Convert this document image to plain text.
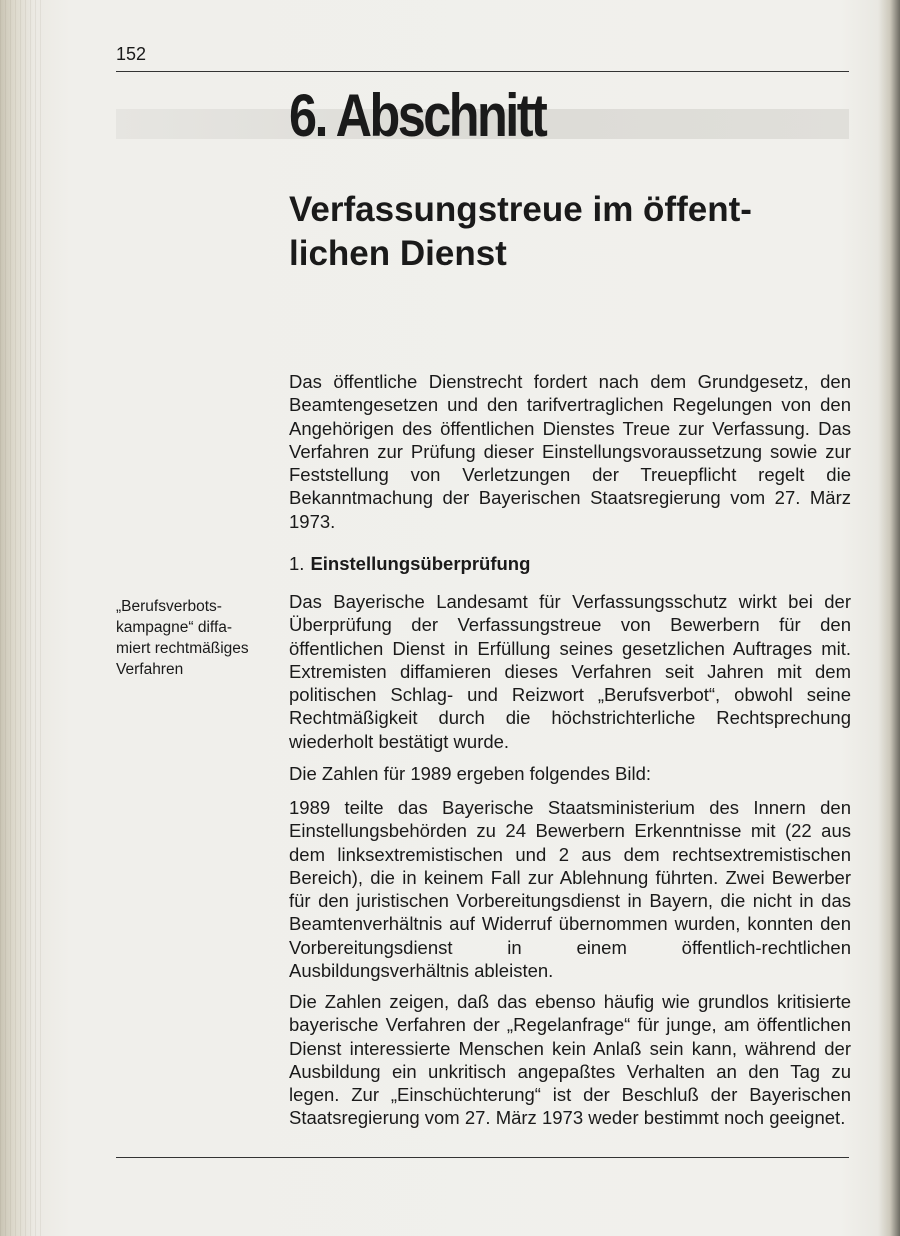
152
6. Abschnitt
Verfassungstreue im öffent-lichen Dienst

Das öffentliche Dienstrecht fordert nach dem Grundgesetz, den Beamtengesetzen und den tarifvertraglichen Regelungen von den Angehörigen des öffentlichen Dienstes Treue zur Verfassung. Das Verfahren zur Prüfung dieser Einstellungsvoraussetzung sowie zur Feststellung von Verletzungen der Treuepflicht regelt die Bekanntmachung der Bayerischen Staatsregierung vom 27. März 1973.

1. Einstellungsüberprüfung

„Berufsverbots-kampagne“ diffa-miert rechtmäßiges Verfahren

Das Bayerische Landesamt für Verfassungsschutz wirkt bei der Überprüfung der Verfassungstreue von Bewerbern für den öffentlichen Dienst in Erfüllung seines gesetzlichen Auftrages mit. Extremisten diffamieren dieses Verfahren seit Jahren mit dem politischen Schlag- und Reizwort „Berufsverbot“, obwohl seine Rechtmäßigkeit durch die höchstrichterliche Rechtsprechung wiederholt bestätigt wurde.

Die Zahlen für 1989 ergeben folgendes Bild:

1989 teilte das Bayerische Staatsministerium des Innern den Einstellungsbehörden zu 24 Bewerbern Erkenntnisse mit (22 aus dem linksextremistischen und 2 aus dem rechtsextremistischen Bereich), die in keinem Fall zur Ablehnung führten. Zwei Bewerber für den juristischen Vorbereitungsdienst in Bayern, die nicht in das Beamtenverhältnis auf Widerruf übernommen wurden, konnten den Vorbereitungsdienst in einem öffentlich-rechtlichen Ausbildungsverhältnis ableisten.

Die Zahlen zeigen, daß das ebenso häufig wie grundlos kritisierte bayerische Verfahren der „Regelanfrage“ für junge, am öffentlichen Dienst interessierte Menschen kein Anlaß sein kann, während der Ausbildung ein unkritisch angepaßtes Verhalten an den Tag zu legen. Zur „Einschüchterung“ ist der Beschluß der Bayerischen Staatsregierung vom 27. März 1973 weder bestimmt noch geeignet.
